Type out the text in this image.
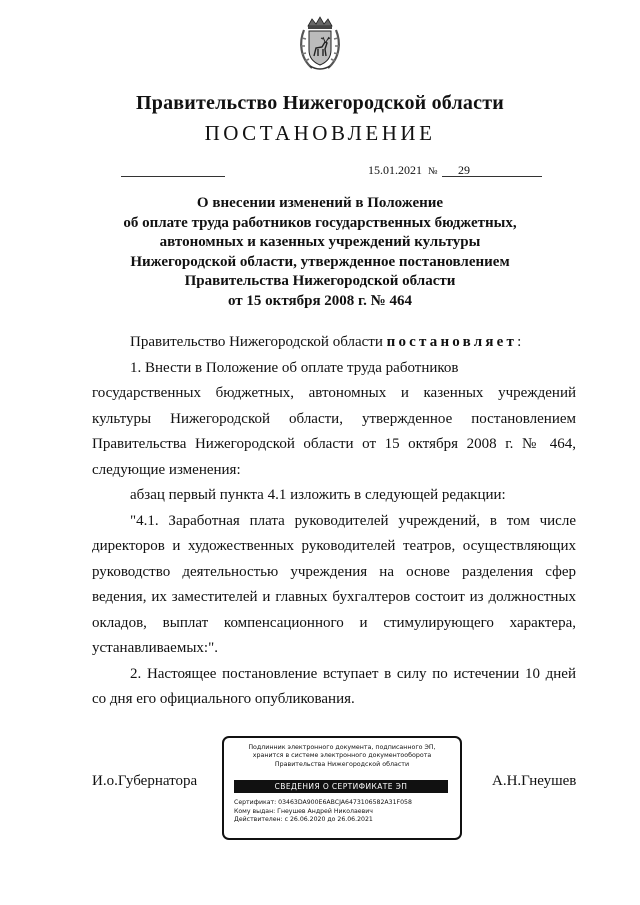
Правительство Нижегородской области
ПОСТАНОВЛЕНИЕ
15.01.2021 № 29
О внесении изменений в Положение
об оплате труда работников государственных бюджетных,
автономных и казенных учреждений культуры
Нижегородской области, утвержденное постановлением
Правительства Нижегородской области
от 15 октября 2008 г. № 464

Правительство Нижегородской области постановляет:

1. Внести в Положение об оплате труда работников

государственных бюджетных, автономных и казенных учреждений культуры Нижегородской области, утвержденное постановлением Правительства Нижегородской области от 15 октября 2008 г. № 464, следующие изменения:

абзац первый пункта 4.1 изложить в следующей редакции:

"4.1. Заработная плата руководителей учреждений, в том числе директоров и художественных руководителей театров, осуществляющих руководство деятельностью учреждения на основе разделения сфер ведения, их заместителей и главных бухгалтеров состоит из должностных окладов, выплат компенсационного и стимулирующего характера, устанавливаемых:".

2. Настоящее постановление вступает в силу по истечении 10 дней со дня его официального опубликования.

И.о.Губернатора
Подлинник электронного документа, подписанного ЭП,
хранится в системе электронного документооборота
Правительства Нижегородской области
СВЕДЕНИЯ О СЕРТИФИКАТЕ ЭП
Сертификат: 03463DA900E6ABCJA6473106582A31F058
Кому выдан: Гнеушев Андрей Николаевич
Действителен: с 26.06.2020 до 26.06.2021
А.Н.Гнеушев
